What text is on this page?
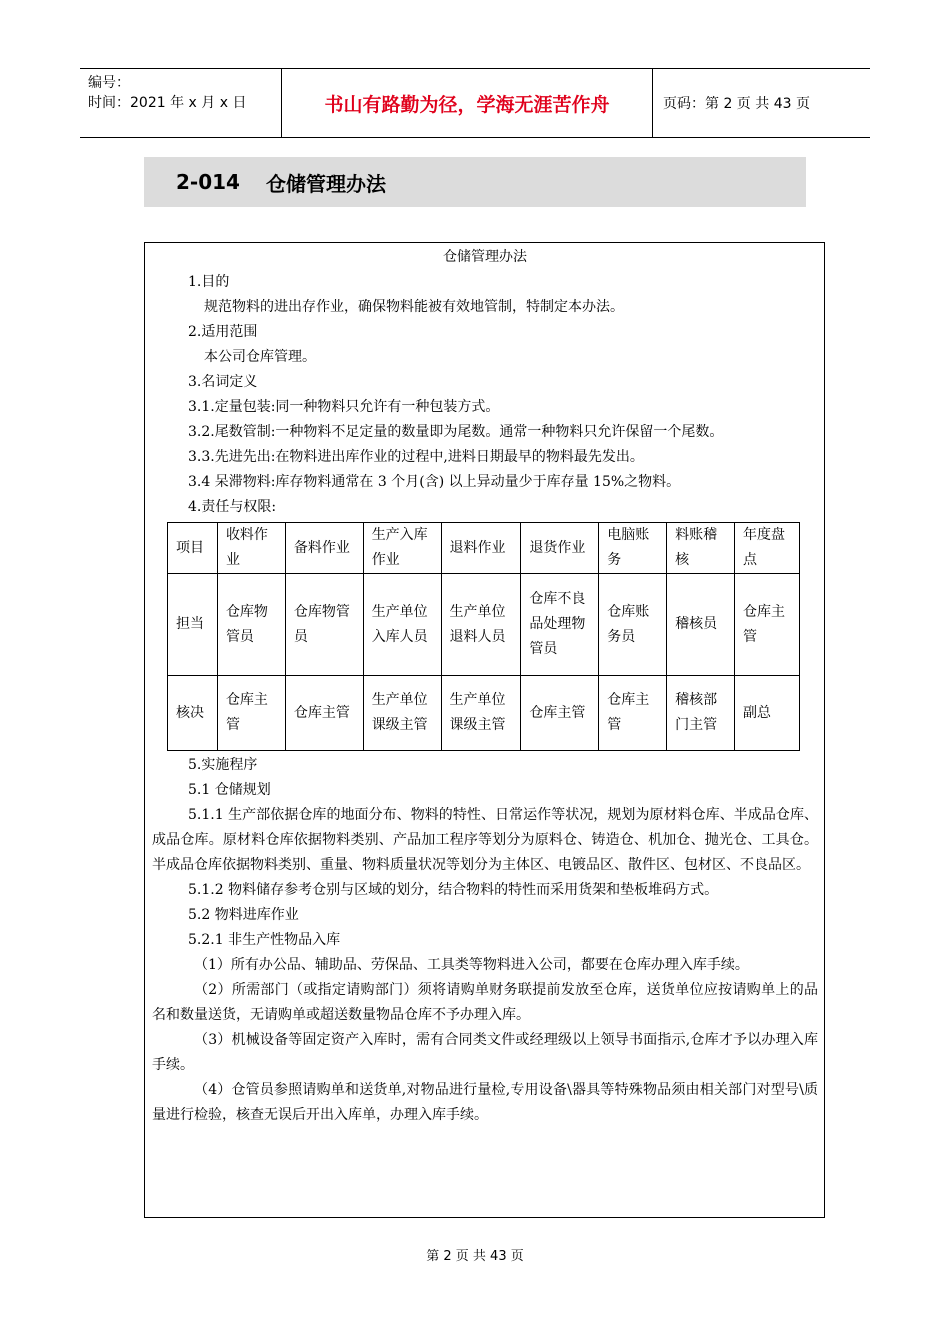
编号：
时间：2021 年 x 月 x 日	书山有路勤为径，学海无涯苦作舟	页码：第 2 页 共 43 页
2-014 仓储管理办法

仓储管理办法

1.目的

规范物料的进出存作业，确保物料能被有效地管制，特制定本办法。

2.适用范围

本公司仓库管理。

3.名词定义

3.1.定量包装:同一种物料只允许有一种包装方式。

3.2.尾数管制:一种物料不足定量的数量即为尾数。通常一种物料只允许保留一个尾数。

3.3.先进先出:在物料进出库作业的过程中,进料日期最早的物料最先发出。

3.4 呆滞物料:库存物料通常在 3 个月(含) 以上异动量少于库存量 15%之物料。

4.责任与权限:

项目	收料作业	备料作业	生产入库作业	退料作业	退货作业	电脑账务	料账稽核	年度盘点
担当	仓库物管员	仓库物管员	生产单位入库人员	生产单位退料人员	仓库不良品处理物管员	仓库账务员	稽核员	仓库主管
核决	仓库主管	仓库主管	生产单位课级主管	生产单位课级主管	仓库主管	仓库主管	稽核部门主管	副总

5.实施程序

5.1 仓储规划

5.1.1 生产部依据仓库的地面分布、物料的特性、日常运作等状况，规划为原材料仓库、半成品仓库、成品仓库。原材料仓库依据物料类别、产品加工程序等划分为原料仓、铸造仓、机加仓、抛光仓、工具仓。半成品仓库依据物料类别、重量、物料质量状况等划分为主体区、电镀品区、散件区、包材区、不良品区。

5.1.2 物料储存参考仓别与区域的划分，结合物料的特性而采用货架和垫板堆码方式。

5.2 物料进库作业

5.2.1 非生产性物品入库

（1）所有办公品、辅助品、劳保品、工具类等物料进入公司，都要在仓库办理入库手续。

（2）所需部门（或指定请购部门）须将请购单财务联提前发放至仓库，送货单位应按请购单上的品名和数量送货，无请购单或超送数量物品仓库不予办理入库。

（3）机械设备等固定资产入库时，需有合同类文件或经理级以上领导书面指示,仓库才予以办理入库手续。

（4）仓管员参照请购单和送货单,对物品进行量检,专用设备\器具等特殊物品须由相关部门对型号\质量进行检验，核查无误后开出入库单，办理入库手续。

第 2 页 共 43 页
